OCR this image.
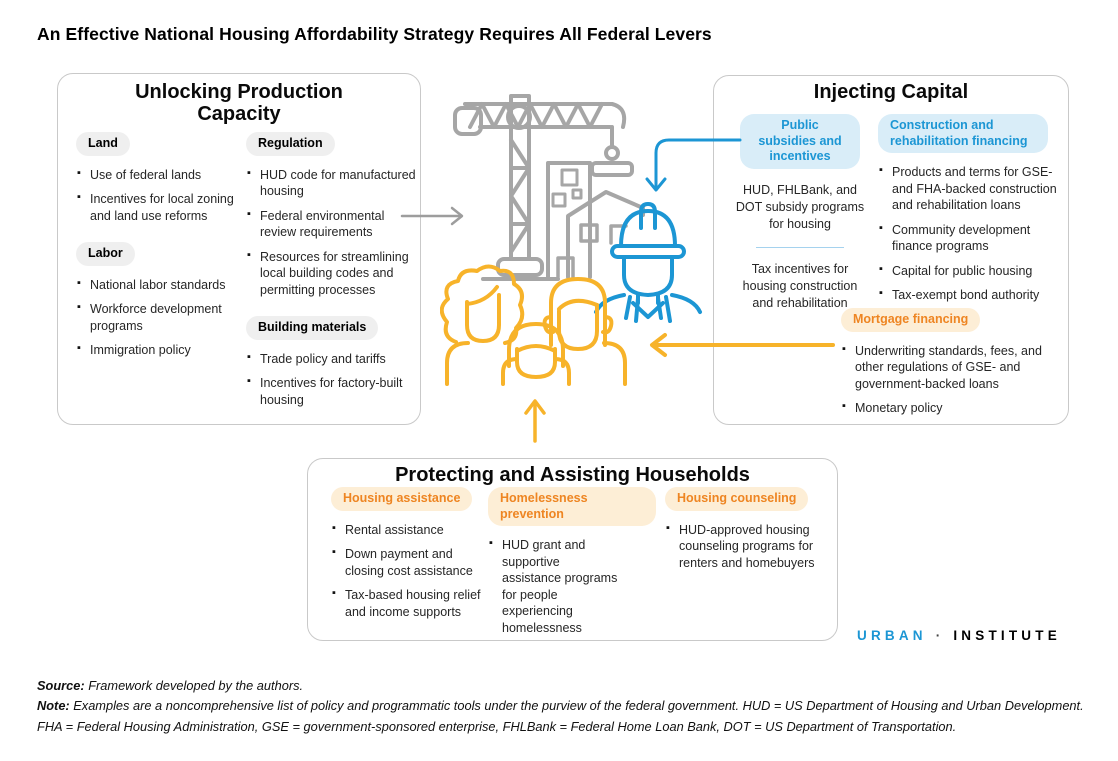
An Effective National Housing Affordability Strategy Requires All Federal Levers
Unlocking Production Capacity
Land
▪ Use of federal lands
▪ Incentives for local zoning and land use reforms
Labor
▪ National labor standards
▪ Workforce development programs
▪ Immigration policy
Regulation
▪ HUD code for manufactured housing
▪ Federal environmental review requirements
▪ Resources for streamlining local building codes and permitting processes
Building materials
▪ Trade policy and tariffs
▪ Incentives for factory-built housing
Injecting Capital
Public subsidies and incentives

HUD, FHLBank, and DOT subsidy programs for housing

Tax incentives for housing construction and rehabilitation

Construction and rehabilitation financing
▪ Products and terms for GSE- and FHA-backed construction and rehabilitation loans
▪ Community development finance programs
▪ Capital for public housing
▪ Tax-exempt bond authority
Mortgage financing
▪ Underwriting standards, fees, and other regulations of GSE- and government-backed loans
▪ Monetary policy
Protecting and Assisting Households
Housing assistance
▪ Rental assistance
▪ Down payment and closing cost assistance
▪ Tax-based housing relief and income supports
Homelessness prevention
▪ HUD grant and supportive assistance programs for people experiencing homelessness
Housing counseling
▪ HUD-approved housing counseling programs for renters and homebuyers
URBAN · INSTITUTE

Source: Framework developed by the authors.

Note: Examples are a noncomprehensive list of policy and programmatic tools under the purview of the federal government. HUD = US Department of Housing and Urban Development. FHA = Federal Housing Administration, GSE = government-sponsored enterprise, FHLBank = Federal Home Loan Bank, DOT = US Department of Transportation.
